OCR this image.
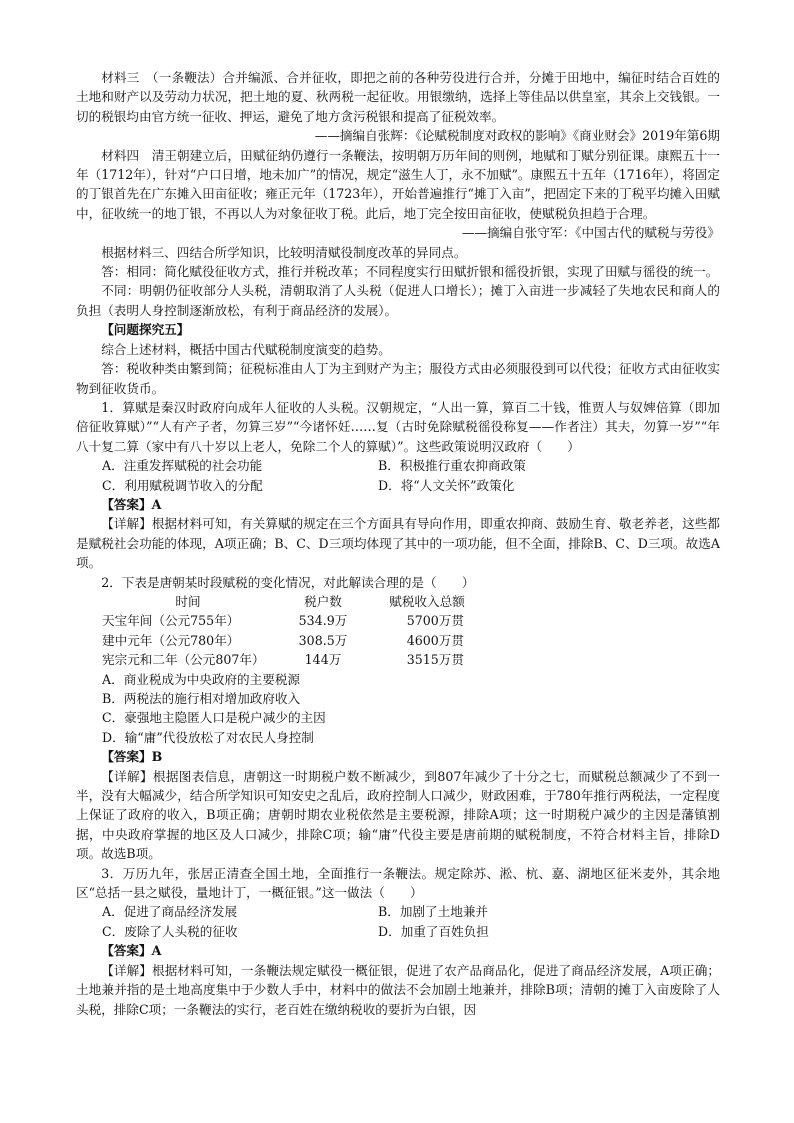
材料三　（一条鞭法）合并编派、合并征收，即把之前的各种劳役进行合并，分摊于田地中，编征时结合百姓的土地和财产以及劳动力状况，把土地的夏、秋两税一起征收。用银缴纳，选择上等佳品以供皇室，其余上交钱银。一切的税银均由官方统一征收、押运，避免了地方贪污税银和提高了征税效率。

——摘编自张辉：《论赋税制度对政权的影响》《商业财会》2019年第6期

材料四　清王朝建立后，田赋征纳仍遵行一条鞭法，按明朝万历年间的则例，地赋和丁赋分别征课。康熙五十一年（1712年），针对“户口日增，地未加广”的情况，规定“滋生人丁，永不加赋”。康熙五十五年（1716年），将固定的丁银首先在广东摊入田亩征收；雍正元年（1723年），开始普遍推行“摊丁入亩”，把固定下来的丁税平均摊入田赋中，征收统一的地丁银，不再以人为对象征收丁税。此后，地丁完全按田亩征收，使赋税负担趋于合理。

——摘编自张守军：《中国古代的赋税与劳役》

根据材料三、四结合所学知识，比较明清赋役制度改革的异同点。

答：相同：简化赋役征收方式，推行并税改革；不同程度实行田赋折银和徭役折银，实现了田赋与徭役的统一。

不同：明朝仍征收部分人头税，清朝取消了人头税（促进人口增长）；摊丁入亩进一步减轻了失地农民和商人的负担（表明人身控制逐渐放松，有利于商品经济的发展）。

【问题探究五】

综合上述材料，概括中国古代赋税制度演变的趋势。

答：税收种类由繁到简；征税标准由人丁为主到财产为主；服役方式由必须服役到可以代役；征收方式由征收实物到征收货币。

1．算赋是秦汉时政府向成年人征收的人头税。汉朝规定，“人出一算，算百二十钱，惟贾人与奴婢倍算（即加倍征收算赋）”“人有产子者，勿算三岁”“今诸怀妊……复（古时免除赋税徭役称复——作者注）其夫，勿算一岁”“年八十复二算（家中有八十岁以上老人，免除二个人的算赋）”。这些政策说明汉政府（　　）

A．注重发挥赋税的社会功能	B．积极推行重农抑商政策
C．利用赋税调节收入的分配	D．将“人文关怀”政策化

【答案】A

【详解】根据材料可知，有关算赋的规定在三个方面具有导向作用，即重农抑商、鼓励生育、敬老养老，这些都是赋税社会功能的体现，A项正确；B、C、D三项均体现了其中的一项功能，但不全面，排除B、C、D三项。故选A项。

2．下表是唐朝某时段赋税的变化情况，对此解读合理的是（　　）

时间	税户数	赋税收入总额
天宝年间（公元755年）	534.9万	5700万贯
建中元年（公元780年）	308.5万	4600万贯
宪宗元和二年（公元807年）	144万	3515万贯

A．商业税成为中央政府的主要税源

B．两税法的施行相对增加政府收入

C．豪强地主隐匿人口是税户减少的主因

D．输“庸”代役放松了对农民人身控制

【答案】B

【详解】根据图表信息，唐朝这一时期税户数不断减少，到807年减少了十分之七，而赋税总额减少了不到一半，没有大幅减少，结合所学知识可知安史之乱后，政府控制人口减少，财政困难，于780年推行两税法，一定程度上保证了政府的收入，B项正确；唐朝时期农业税依然是主要税源，排除A项；这一时期税户减少的主因是藩镇割据，中央政府掌握的地区及人口减少，排除C项；输“庸”代役主要是唐前期的赋税制度，不符合材料主旨，排除D项。故选B项。

3．万历九年，张居正清查全国土地，全面推行一条鞭法。规定除苏、淞、杭、嘉、湖地区征米麦外，其余地区“总括一县之赋役，量地计丁，一概征银。”这一做法（　　）

A．促进了商品经济发展	B．加剧了土地兼并
C．废除了人头税的征收	D．加重了百姓负担

【答案】A

【详解】根据材料可知，一条鞭法规定赋役一概征银，促进了农产品商品化，促进了商品经济发展，A项正确；土地兼并指的是土地高度集中于少数人手中，材料中的做法不会加剧土地兼并，排除B项；清朝的摊丁入亩废除了人头税，排除C项；一条鞭法的实行，老百姓在缴纳税收的要折为白银，因
